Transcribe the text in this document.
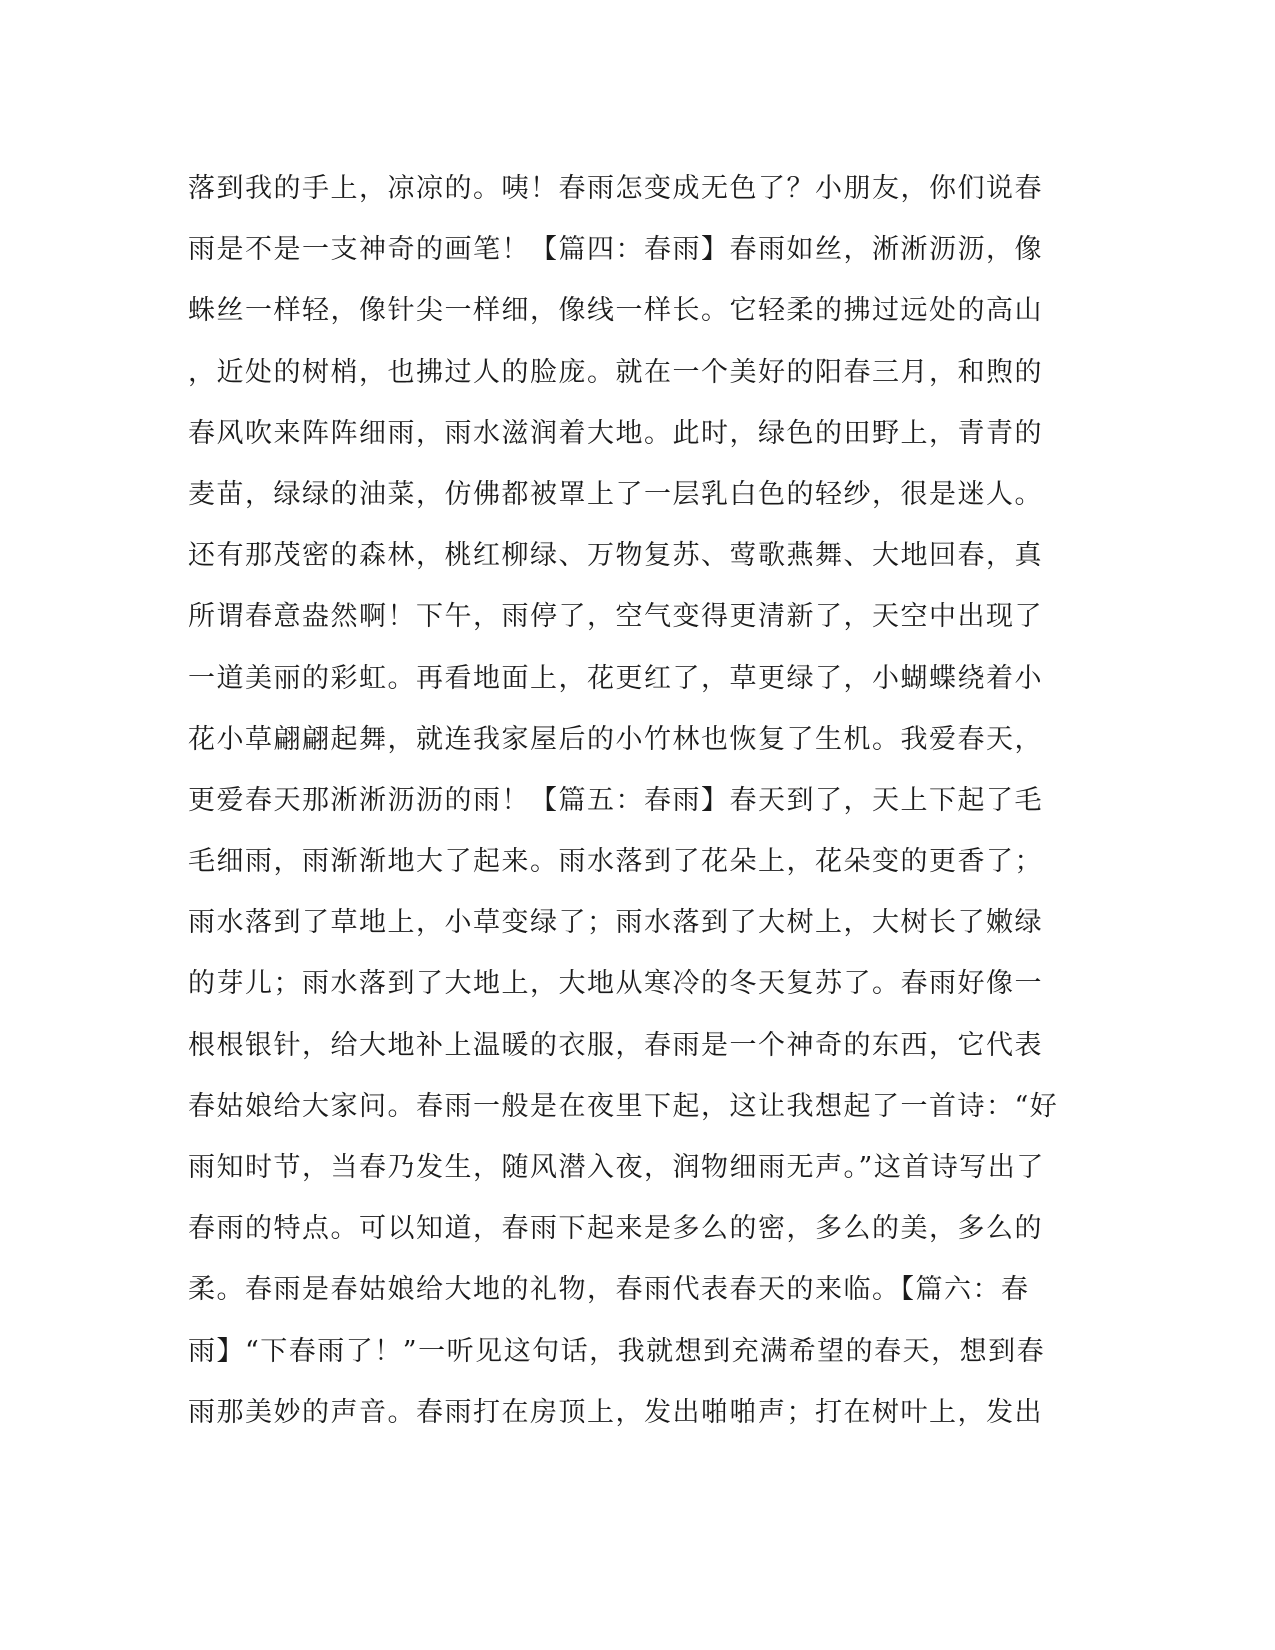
落到我的手上，凉凉的。咦！春雨怎变成无色了？小朋友，你们说春
雨是不是一支神奇的画笔！【篇四：春雨】春雨如丝，淅淅沥沥，像
蛛丝一样轻，像针尖一样细，像线一样长。它轻柔的拂过远处的高山
，近处的树梢，也拂过人的脸庞。就在一个美好的阳春三月，和煦的
春风吹来阵阵细雨，雨水滋润着大地。此时，绿色的田野上，青青的
麦苗，绿绿的油菜，仿佛都被罩上了一层乳白色的轻纱，很是迷人。
还有那茂密的森林，桃红柳绿、万物复苏、莺歌燕舞、大地回春，真
所谓春意盎然啊！下午，雨停了，空气变得更清新了，天空中出现了
一道美丽的彩虹。再看地面上，花更红了，草更绿了，小蝴蝶绕着小
花小草翩翩起舞，就连我家屋后的小竹林也恢复了生机。我爱春天，
更爱春天那淅淅沥沥的雨！【篇五：春雨】春天到了，天上下起了毛
毛细雨，雨渐渐地大了起来。雨水落到了花朵上，花朵变的更香了；
雨水落到了草地上，小草变绿了；雨水落到了大树上，大树长了嫩绿
的芽儿；雨水落到了大地上，大地从寒冷的冬天复苏了。春雨好像一
根根银针，给大地补上温暖的衣服，春雨是一个神奇的东西，它代表
春姑娘给大家问。春雨一般是在夜里下起，这让我想起了一首诗：“好
雨知时节，当春乃发生，随风潜入夜，润物细雨无声。”这首诗写出了
春雨的特点。可以知道，春雨下起来是多么的密，多么的美，多么的
柔。春雨是春姑娘给大地的礼物，春雨代表春天的来临。【篇六：春
雨】“下春雨了！”一听见这句话，我就想到充满希望的春天，想到春
雨那美妙的声音。春雨打在房顶上，发出啪啪声；打在树叶上，发出
